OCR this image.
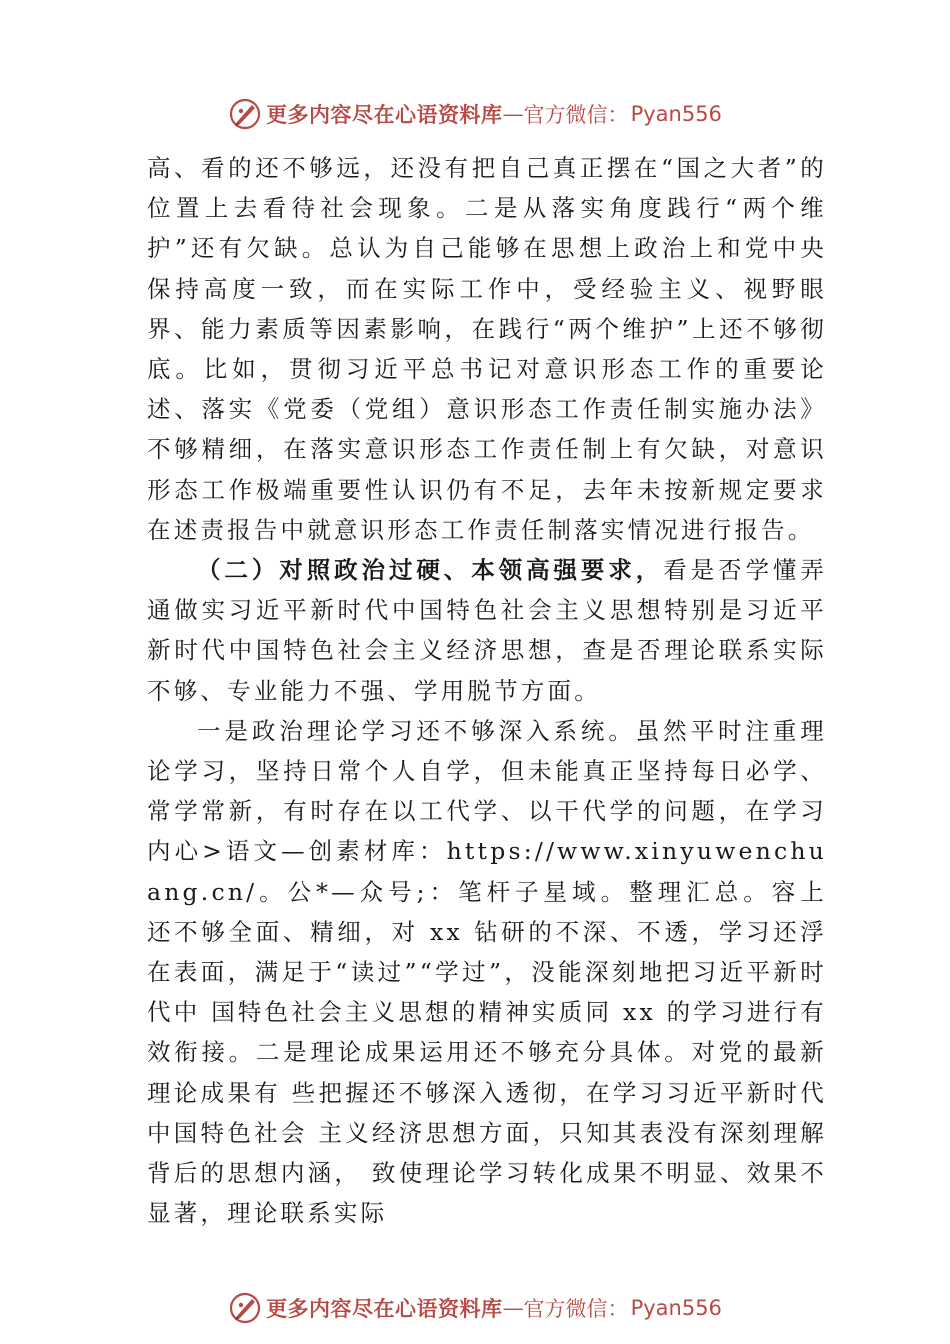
更多内容尽在心语资料库 — 官方微信： Pyan556

高、看的还不够远，还没有把自己真正摆在“国之大者”的位置上去看待社会现象。二是从落实角度践行“两个维护”还有欠缺。总认为自己能够在思想上政治上和党中央保持高度一致，而在实际工作中，受经验主义、视野眼界、能力素质等因素影响，在践行“两个维护”上还不够彻底。比如，贯彻习近平总书记对意识形态工作的重要论述、落实《党委（党组）意识形态工作责任制实施办法》不够精细，在落实意识形态工作责任制上有欠缺，对意识形态工作极端重要性认识仍有不足，去年未按新规定要求在述责报告中就意识形态工作责任制落实情况进行报告。

（二）对照政治过硬、本领高强要求，看是否学懂弄通做实习近平新时代中国特色社会主义思想特别是习近平新时代中国特色社会主义经济思想，查是否理论联系实际不够、专业能力不强、学用脱节方面。

一是政治理论学习还不够深入系统。虽然平时注重理论学习，坚持日常个人自学，但未能真正坚持每日必学、常学常新，有时存在以工代学、以干代学的问题，在学习内心>语文—创素材库：https://www.xinyuwenchuang.cn/。公*—众号;：笔杆子星域。整理汇总。容上 还不够全面、精细，对 xx 钻研的不深、不透，学习还浮在表面，满足于“读过”“学过”，没能深刻地把习近平新时代中 国特色社会主义思想的精神实质同 xx 的学习进行有效衔接。二是理论成果运用还不够充分具体。对党的最新理论成果有 些把握还不够深入透彻，在学习习近平新时代中国特色社会 主义经济思想方面，只知其表没有深刻理解背后的思想内涵， 致使理论学习转化成果不明显、效果不显著，理论联系实际

更多内容尽在心语资料库 — 官方微信： Pyan556
